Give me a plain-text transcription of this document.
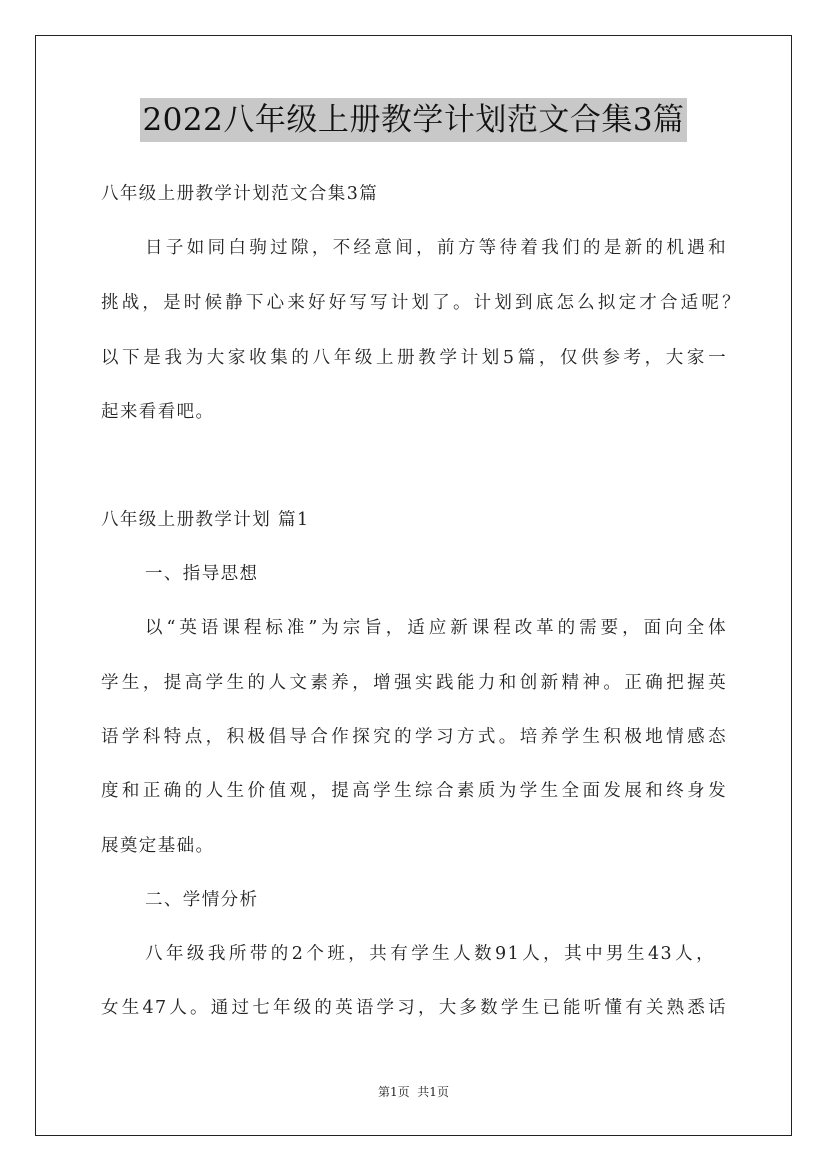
2022八年级上册教学计划范文合集3篇
八年级上册教学计划范文合集3篇
日子如同白驹过隙，不经意间，前方等待着我们的是新的机遇和
挑战，是时候静下心来好好写写计划了。计划到底怎么拟定才合适呢？
以下是我为大家收集的八年级上册教学计划5篇，仅供参考，大家一
起来看看吧。
八年级上册教学计划 篇1
一、指导思想
以“英语课程标准”为宗旨，适应新课程改革的需要，面向全体
学生，提高学生的人文素养，增强实践能力和创新精神。正确把握英
语学科特点，积极倡导合作探究的学习方式。培养学生积极地情感态
度和正确的人生价值观，提高学生综合素质为学生全面发展和终身发
展奠定基础。
二、学情分析
八年级我所带的2个班，共有学生人数91人，其中男生43人，
女生47人。通过七年级的英语学习，大多数学生已能听懂有关熟悉话
第1页  共1页
